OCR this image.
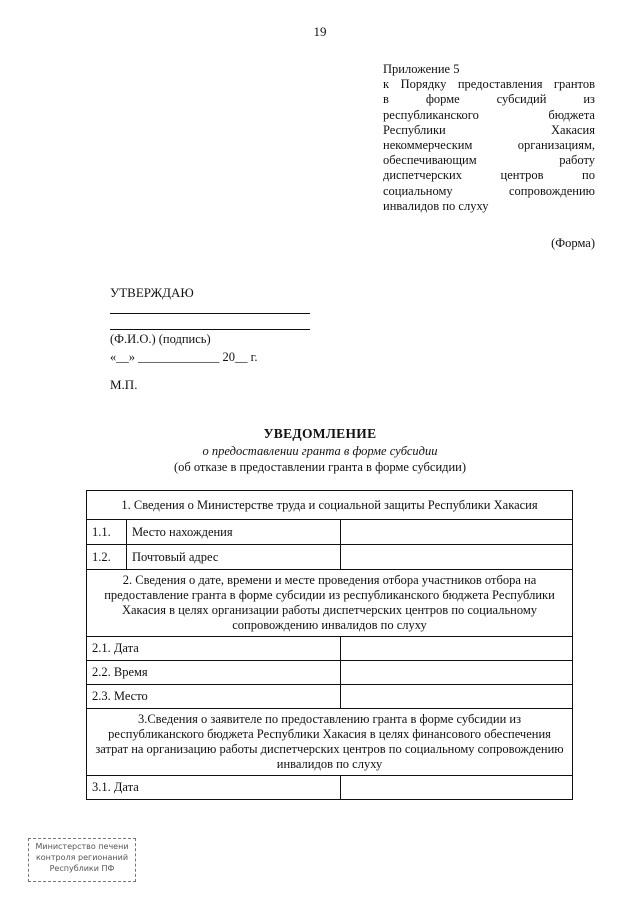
19
Приложение 5
к Порядку предоставления грантов
в форме субсидий из
республиканского бюджета
Республики Хакасия
некоммерческим организациям,
обеспечивающим работу
диспетчерских центров по
социальному сопровождению
инвалидов по слуху
(Форма)
УТВЕРЖДАЮ
(Ф.И.О.) (подпись)
«__» _____________ 20__ г.
М.П.
УВЕДОМЛЕНИЕ
о предоставлении гранта в форме субсидии
(об отказе в предоставлении гранта в форме субсидии)
1. Сведения о Министерстве труда и социальной защиты Республики Хакасия		
1.1.	Место нахождения	
1.2.	Почтовый адрес	
2. Сведения о дате, времени и месте проведения отбора участников отбора на предоставление гранта в форме субсидии из республиканского бюджета Республики Хакасия в целях организации работы диспетчерских центров по социальному сопровождению инвалидов по слуху		
2.1. Дата		
2.2. Время		
2.3. Место		
3.Сведения о заявителе по предоставлению гранта в форме субсидии из республиканского бюджета Республики Хакасия в целях финансового обеспечения затрат на организацию работы диспетчерских центров по социальному сопровождению инвалидов по слуху		
3.1. Дата		
Министерство печени
контроля регионаний
Республики ПФ
